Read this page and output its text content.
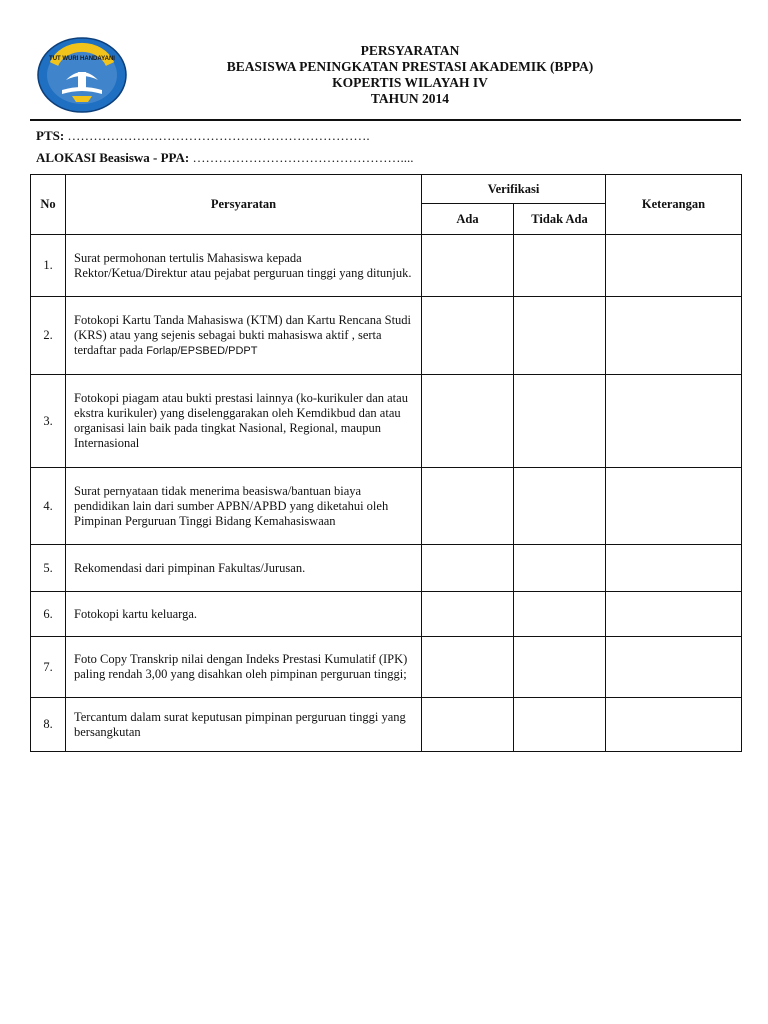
TUT WURI HANDAYANI
PERSYARATAN
BEASISWA PENINGKATAN PRESTASI AKADEMIK (BPPA)
KOPERTIS WILAYAH IV
TAHUN 2014
PTS: …………………………………………………………….
ALOKASI Beasiswa - PPA: …………………………………………....
No	Persyaratan	Verifikasi		Keterangan
		Ada	Tidak Ada	
1.	Surat permohonan tertulis Mahasiswa kepada Rektor/Ketua/Direktur atau pejabat perguruan tinggi yang ditunjuk.			
2.	Fotokopi Kartu Tanda Mahasiswa (KTM) dan Kartu Rencana Studi (KRS) atau yang sejenis sebagai bukti mahasiswa aktif , serta terdaftar pada Forlap/EPSBED/PDPT			
3.	Fotokopi piagam atau bukti prestasi lainnya (ko-kurikuler dan atau ekstra kurikuler) yang diselenggarakan oleh Kemdikbud dan atau organisasi lain baik pada tingkat Nasional, Regional, maupun Internasional			
4.	Surat pernyataan tidak menerima beasiswa/bantuan biaya pendidikan lain dari sumber APBN/APBD yang diketahui oleh Pimpinan Perguruan Tinggi Bidang Kemahasiswaan			
5.	Rekomendasi dari pimpinan Fakultas/Jurusan.			
6.	Fotokopi kartu keluarga.			
7.	Foto Copy Transkrip nilai dengan Indeks Prestasi Kumulatif (IPK) paling rendah 3,00 yang disahkan oleh pimpinan perguruan tinggi;			
8.	Tercantum dalam surat keputusan pimpinan perguruan tinggi yang bersangkutan			
